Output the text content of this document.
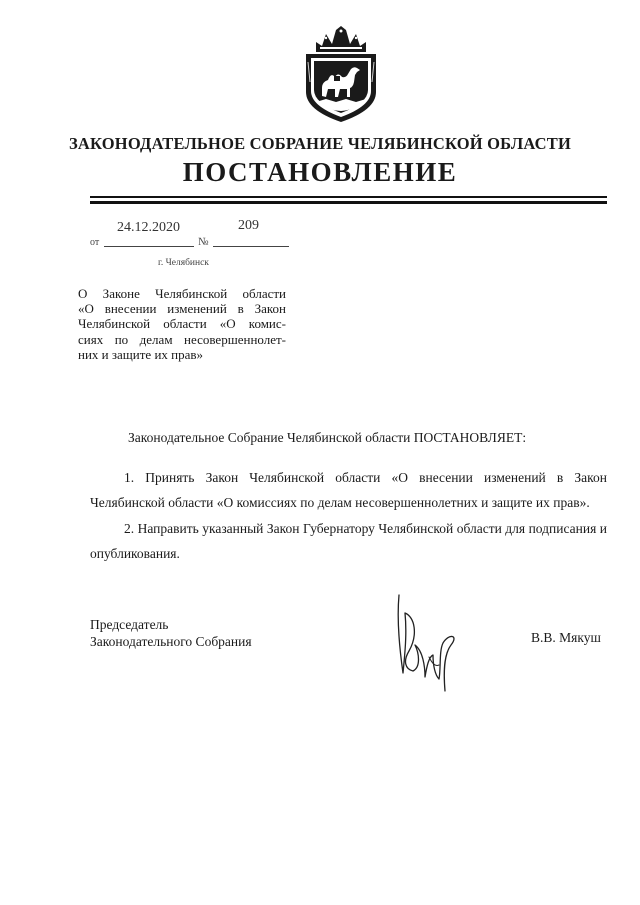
ЗАКОНОДАТЕЛЬНОЕ СОБРАНИЕ ЧЕЛЯБИНСКОЙ ОБЛАСТИ
ПОСТАНОВЛЕНИЕ
24.12.2020	209
от	№
г. Челябинск
О Законе Челябинской области
«О внесении изменений в Закон
Челябинской области «О комис-
сиях по делам несовершеннолет-
них и защите их прав»
Законодательное Собрание Челябинской области ПОСТАНОВЛЯЕТ:
1. Принять Закон Челябинской области «О внесении изменений в Закон Челябинской области «О комиссиях по делам несовершеннолетних и защите их прав».
2. Направить указанный Закон Губернатору Челябинской области для подписания и опубликования.
Председатель
Законодательного Собрания	В.В. Мякуш
